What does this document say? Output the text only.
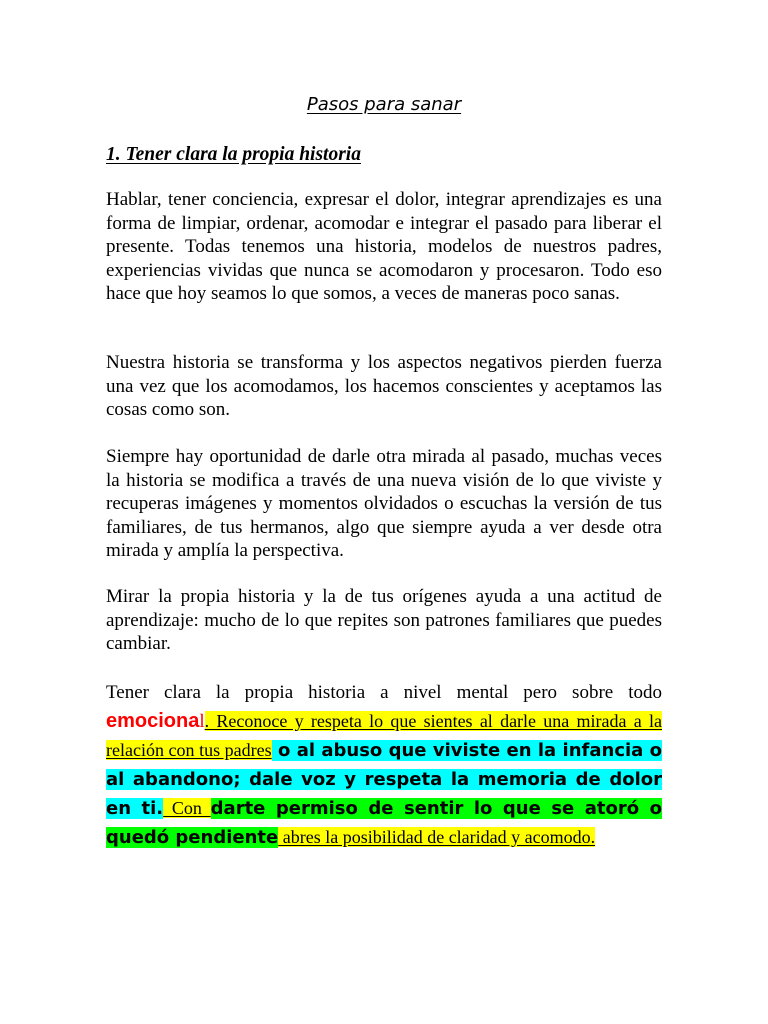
Pasos para sanar
1. Tener clara la propia historia

Hablar, tener conciencia, expresar el dolor, integrar aprendizajes es una forma de limpiar, ordenar, acomodar e integrar el pasado para liberar el presente. Todas tenemos una historia, modelos de nuestros padres, experiencias vividas que nunca se acomodaron y procesaron. Todo eso hace que hoy seamos lo que somos, a veces de maneras poco sanas.

Nuestra historia se transforma y los aspectos negativos pierden fuerza una vez que los acomodamos, los hacemos conscientes y aceptamos las cosas como son.

Siempre hay oportunidad de darle otra mirada al pasado, muchas veces la historia se modifica a través de una nueva visión de lo que viviste y recuperas imágenes y momentos olvidados o escuchas la versión de tus familiares, de tus hermanos, algo que siempre ayuda a ver desde otra mirada y amplía la perspectiva.

Mirar la propia historia y la de tus orígenes ayuda a una actitud de aprendizaje: mucho de lo que repites son patrones familiares que puedes cambiar.

Tener clara la propia historia a nivel mental pero sobre todo emocional. Reconoce y respeta lo que sientes al darle una mirada a la relación con tus padres o al abuso que viviste en la infancia o al abandono; dale voz y respeta la memoria de dolor en ti. Con darte permiso de sentir lo que se atoró o quedó pendiente abres la posibilidad de claridad y acomodo.
